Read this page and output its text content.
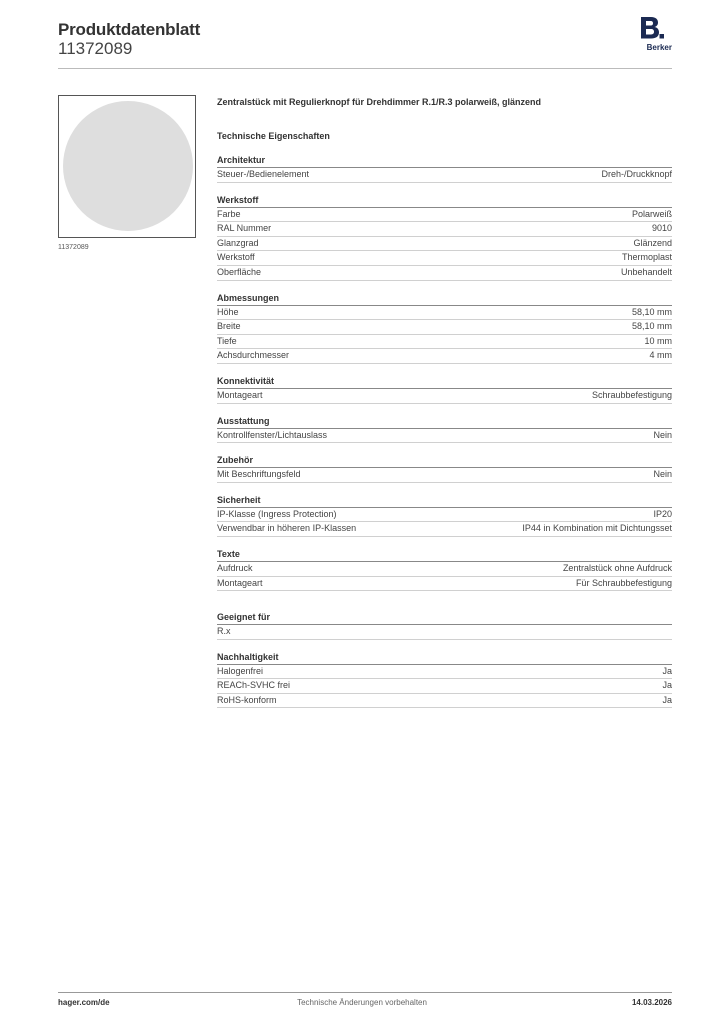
Produktdatenblatt
11372089	Berker
11372089
Zentralstück mit Regulierknopf für Drehdimmer R.1/R.3 polarweiß, glänzend
Technische Eigenschaften
Architektur
Steuer-/Bedienelement	Dreh-/Druckknopf
Werkstoff
Farbe	Polarweiß
RAL Nummer	9010
Glanzgrad	Glänzend
Werkstoff	Thermoplast
Oberfläche	Unbehandelt
Abmessungen
Höhe	58,10 mm
Breite	58,10 mm
Tiefe	10 mm
Achsdurchmesser	4 mm
Konnektivität
Montageart	Schraubbefestigung
Ausstattung
Kontrollfenster/Lichtauslass	Nein
Zubehör
Mit Beschriftungsfeld	Nein
Sicherheit
IP-Klasse (Ingress Protection)	IP20
Verwendbar in höheren IP-Klassen	IP44 in Kombination mit Dichtungsset
Texte
Aufdruck	Zentralstück ohne Aufdruck
Montageart	Für Schraubbefestigung
Geeignet für
R.x
Nachhaltigkeit
Halogenfrei	Ja
REACh-SVHC frei	Ja
RoHS-konform	Ja
hager.com/de	Technische Änderungen vorbehalten	14.03.2026
